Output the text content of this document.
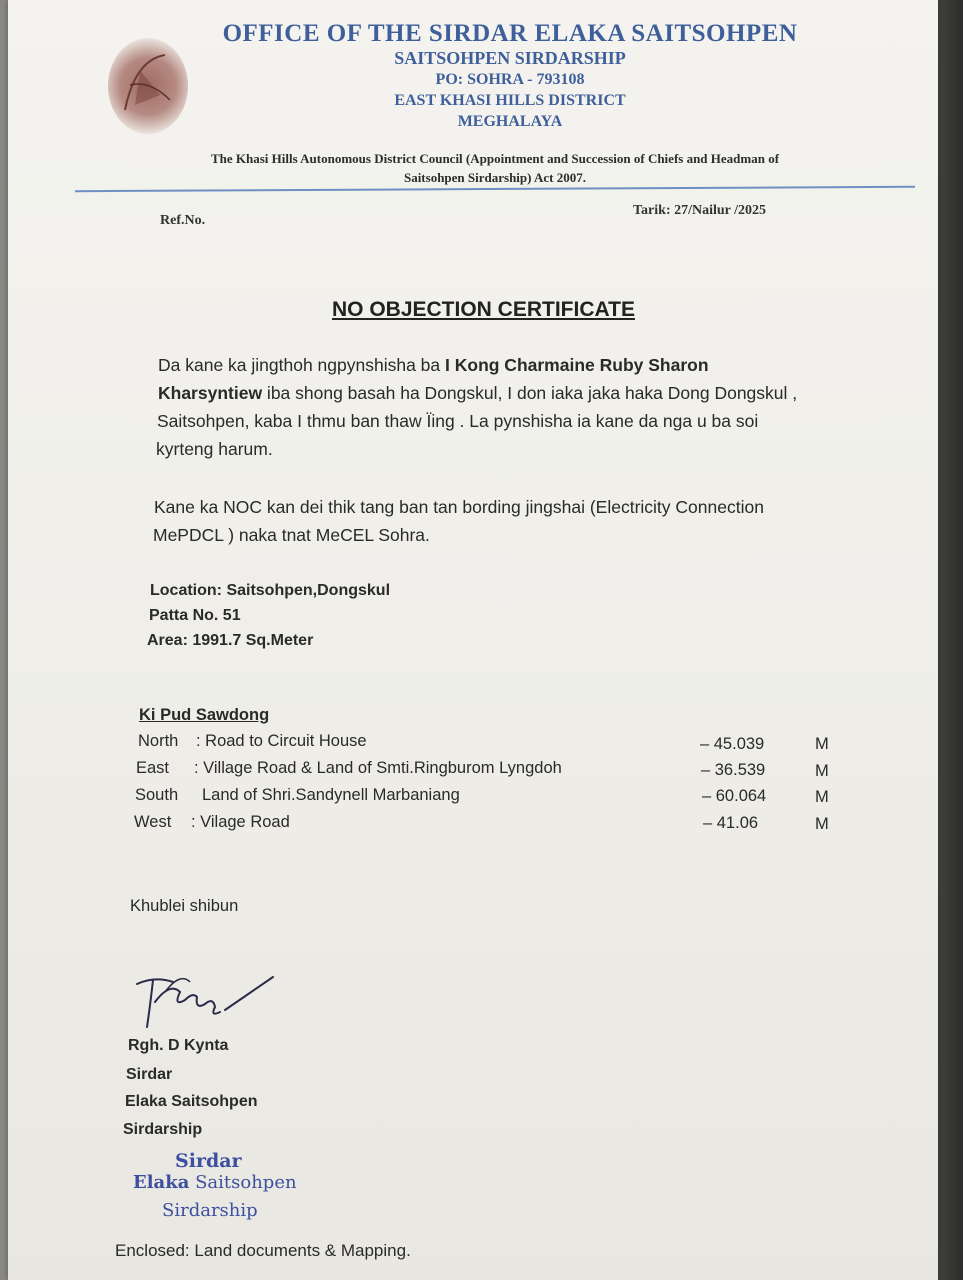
OFFICE OF THE SIRDAR ELAKA SAITSOHPEN
SAITSOHPEN SIRDARSHIP
PO: SOHRA - 793108
EAST KHASI HILLS DISTRICT
MEGHALAYA
The Khasi Hills Autonomous District Council (Appointment and Succession of Chiefs and Headman of
Saitsohpen Sirdarship) Act 2007.
Ref.No.
Tarik: 27/Nailur /2025
NO OBJECTION CERTIFICATE
Da kane ka jingthoh ngpynshisha ba I Kong Charmaine Ruby Sharon
Kharsyntiew iba shong basah ha Dongskul, I don iaka jaka haka Dong Dongskul ,
Saitsohpen, kaba I thmu ban thaw Ïing . La pynshisha ia kane da nga u ba soi
kyrteng harum.
Kane ka NOC kan dei thik tang ban tan bording jingshai (Electricity Connection
MePDCL ) naka tnat MeCEL Sohra.
Location: Saitsohpen,Dongskul
Patta No. 51
Area: 1991.7 Sq.Meter
Ki Pud Sawdong
North : Road to Circuit House	– 45.039	M
East : Village Road & Land of Smti.Ringburom Lyngdoh	– 36.539	M
South Land of Shri.Sandynell Marbaniang	– 60.064	M
West : Vilage Road	– 41.06	M
Khublei shibun
Rgh. D Kynta
Sirdar
Elaka Saitsohpen
Sirdarship
Sirdar
Elaka Saitsohpen
Sirdarship
Enclosed: Land documents & Mapping.
